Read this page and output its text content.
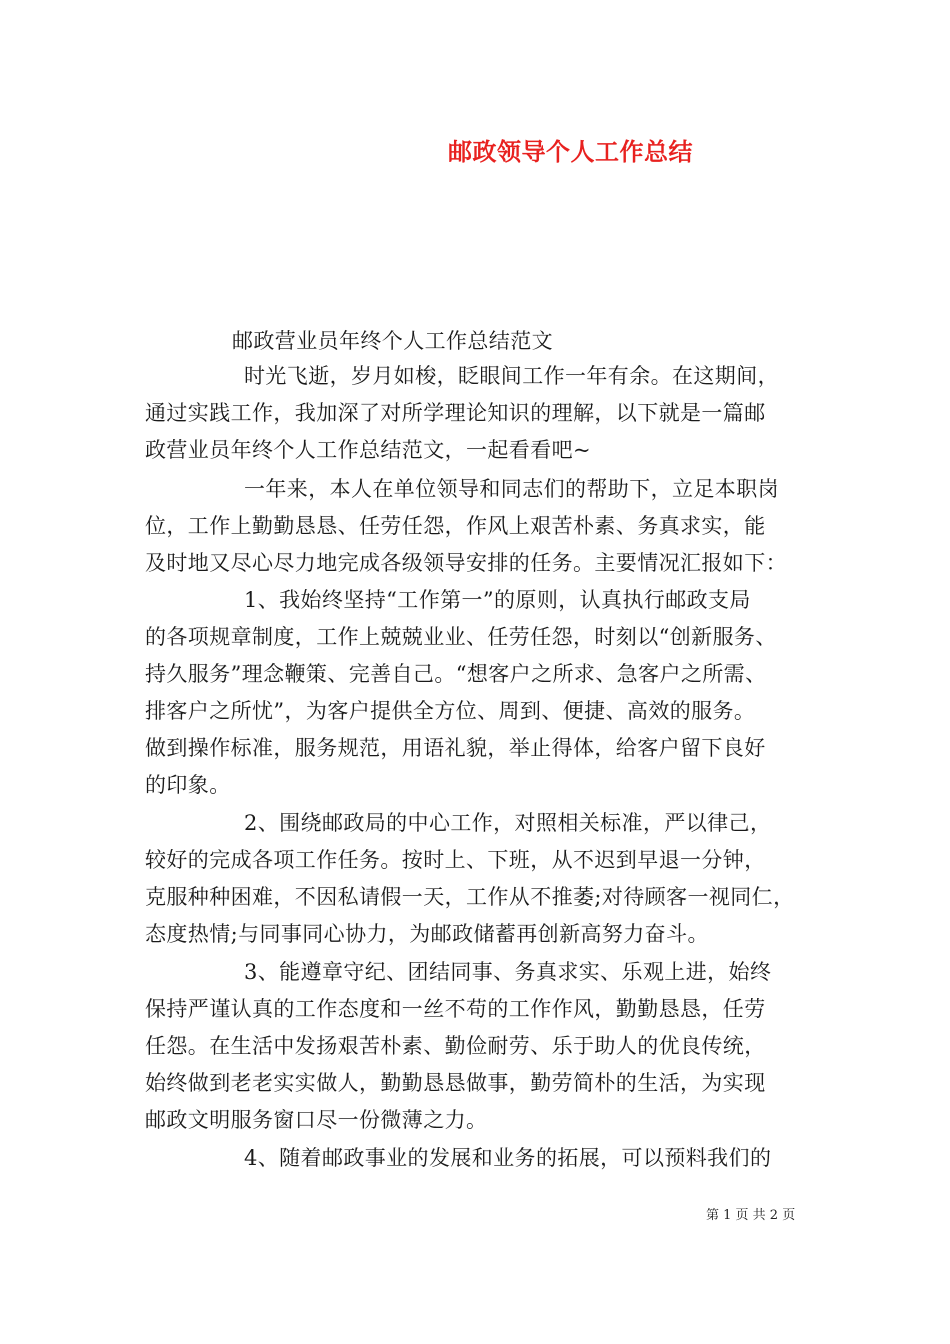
邮政领导个人工作总结
邮政营业员年终个人工作总结范文
时光飞逝，岁月如梭，眨眼间工作一年有余。在这期间，
通过实践工作，我加深了对所学理论知识的理解，以下就是一篇邮
政营业员年终个人工作总结范文，一起看看吧~
一年来，本人在单位领导和同志们的帮助下，立足本职岗
位，工作上勤勤恳恳、任劳任怨，作风上艰苦朴素、务真求实，能
及时地又尽心尽力地完成各级领导安排的任务。主要情况汇报如下：
1、我始终坚持“工作第一”的原则，认真执行邮政支局
的各项规章制度，工作上兢兢业业、任劳任怨，时刻以“创新服务、
持久服务”理念鞭策、完善自己。“想客户之所求、急客户之所需、
排客户之所忧”，为客户提供全方位、周到、便捷、高效的服务。
做到操作标准，服务规范，用语礼貌，举止得体，给客户留下良好
的印象。
2、围绕邮政局的中心工作，对照相关标准，严以律己，
较好的完成各项工作任务。按时上、下班，从不迟到早退一分钟，
克服种种困难，不因私请假一天，工作从不推萎;对待顾客一视同仁，
态度热情;与同事同心协力，为邮政储蓄再创新高努力奋斗。
3、能遵章守纪、团结同事、务真求实、乐观上进，始终
保持严谨认真的工作态度和一丝不苟的工作作风，勤勤恳恳，任劳
任怨。在生活中发扬艰苦朴素、勤俭耐劳、乐于助人的优良传统，
始终做到老老实实做人，勤勤恳恳做事，勤劳简朴的生活，为实现
邮政文明服务窗口尽一份微薄之力。
4、随着邮政事业的发展和业务的拓展，可以预料我们的
第 1 页 共 2 页
